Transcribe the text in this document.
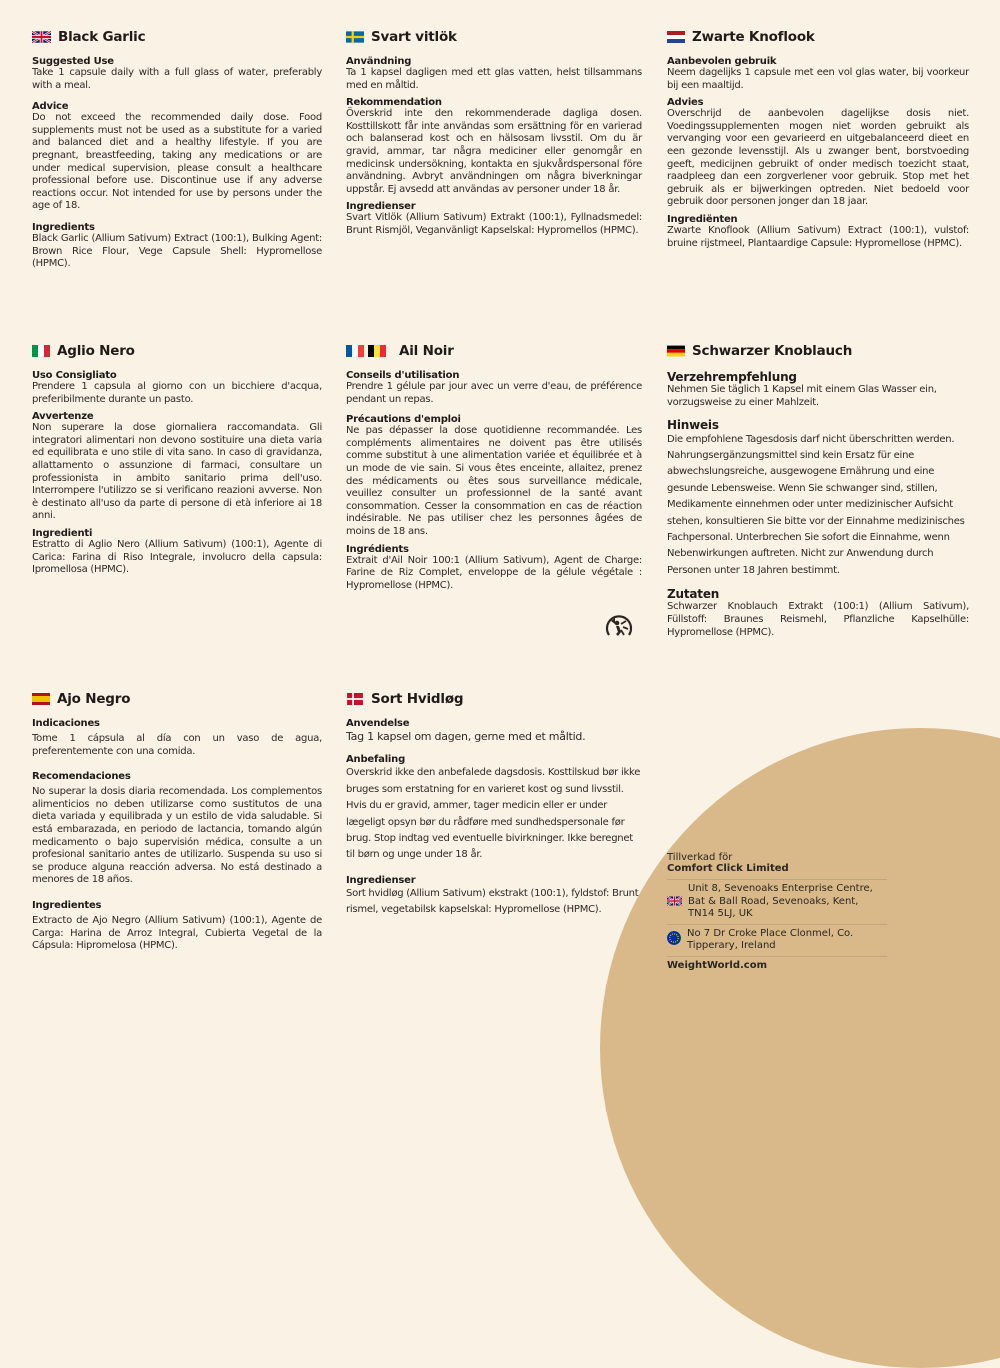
Black Garlic
Suggested Use

Take 1 capsule daily with a full glass of water, preferably with a meal.

Advice

Do not exceed the recommended daily dose. Food supplements must not be used as a substitute for a varied and balanced diet and a healthy lifestyle. If you are pregnant, breastfeeding, taking any medications or are under medical supervision, please consult a healthcare professional before use. Discontinue use if any adverse reactions occur. Not intended for use by persons under the age of 18.

Ingredients

Black Garlic (Allium Sativum) Extract (100:1), Bulking Agent: Brown Rice Flour, Vege Capsule Shell: Hypromellose (HPMC).

Svart vitlök
Användning

Ta 1 kapsel dagligen med ett glas vatten, helst tillsammans med en måltid.

Rekommendation

Överskrid inte den rekommenderade dagliga dosen. Kosttillskott får inte användas som ersättning för en varierad och balanserad kost och en hälsosam livsstil. Om du är gravid, ammar, tar några mediciner eller genomgår en medicinsk undersökning, kontakta en sjukvårdspersonal före användning. Avbryt användningen om några biverkningar uppstår. Ej avsedd att användas av personer under 18 år.

Ingredienser

Svart Vitlök (Allium Sativum) Extrakt (100:1), Fyllnadsmedel: Brunt Rismjöl, Veganvänligt Kapselskal: Hypromellos (HPMC).

Zwarte Knoflook
Aanbevolen gebruik

Neem dagelijks 1 capsule met een vol glas water, bij voorkeur bij een maaltijd.

Advies

Overschrijd de aanbevolen dagelijkse dosis niet. Voedingssupplementen mogen niet worden gebruikt als vervanging voor een gevarieerd en uitgebalanceerd dieet en een gezonde levensstijl. Als u zwanger bent, borstvoeding geeft, medicijnen gebruikt of onder medisch toezicht staat, raadpleeg dan een zorgverlener voor gebruik. Stop met het gebruik als er bijwerkingen optreden. Niet bedoeld voor gebruik door personen jonger dan 18 jaar.

Ingrediënten

Zwarte Knoflook (Allium Sativum) Extract (100:1), vulstof: bruine rijstmeel, Plantaardige Capsule: Hypromellose (HPMC).

Aglio Nero
Uso Consigliato

Prendere 1 capsula al giorno con un bicchiere d'acqua, preferibilmente durante un pasto.

Avvertenze

Non superare la dose giornaliera raccomandata. Gli integratori alimentari non devono sostituire una dieta varia ed equilibrata e uno stile di vita sano. In caso di gravidanza, allattamento o assunzione di farmaci, consultare un professionista in ambito sanitario prima dell'uso. Interrompere l'utilizzo se si verificano reazioni avverse. Non è destinato all'uso da parte di persone di età inferiore ai 18 anni.

Ingredienti

Estratto di Aglio Nero (Allium Sativum) (100:1), Agente di Carica: Farina di Riso Integrale, involucro della capsula: Ipromellosa (HPMC).

Ail Noir
Conseils d'utilisation

Prendre 1 gélule par jour avec un verre d'eau, de préférence pendant un repas.

Précautions d'emploi

Ne pas dépasser la dose quotidienne recommandée. Les compléments alimentaires ne doivent pas être utilisés comme substitut à une alimentation variée et équilibrée et à un mode de vie sain. Si vous êtes enceinte, allaitez, prenez des médicaments ou êtes sous surveillance médicale, veuillez consulter un professionnel de la santé avant consommation. Cesser la consommation en cas de réaction indésirable. Ne pas utiliser chez les personnes âgées de moins de 18 ans.

Ingrédients

Extrait d'Ail Noir 100:1 (Allium Sativum), Agent de Charge: Farine de Riz Complet, enveloppe de la gélule végétale : Hypromellose (HPMC).

Schwarzer Knoblauch
Verzehrempfehlung

Nehmen Sie täglich 1 Kapsel mit einem Glas Wasser ein, vorzugsweise zu einer Mahlzeit.

Hinweis

Die empfohlene Tagesdosis darf nicht überschritten werden. Nahrungsergänzungsmittel sind kein Ersatz für eine abwechslungsreiche, ausgewogene Ernährung und eine gesunde Lebensweise. Wenn Sie schwanger sind, stillen, Medikamente einnehmen oder unter medizinischer Aufsicht stehen, konsultieren Sie bitte vor der Einnahme medizinisches Fachpersonal. Unterbrechen Sie sofort die Einnahme, wenn Nebenwirkungen auftreten. Nicht zur Anwendung durch Personen unter 18 Jahren bestimmt.

Zutaten

Schwarzer Knoblauch Extrakt (100:1) (Allium Sativum), Füllstoff: Braunes Reismehl, Pflanzliche Kapselhülle: Hypromellose (HPMC).

Ajo Negro
Indicaciones

Tome 1 cápsula al día con un vaso de agua, preferentemente con una comida.

Recomendaciones

No superar la dosis diaria recomendada. Los complementos alimenticios no deben utilizarse como sustitutos de una dieta variada y equilibrada y un estilo de vida saludable. Si está embarazada, en periodo de lactancia, tomando algún medicamento o bajo supervisión médica, consulte a un profesional sanitario antes de utilizarlo. Suspenda su uso si se produce alguna reacción adversa. No está destinado a menores de 18 años.

Ingredientes

Extracto de Ajo Negro (Allium Sativum) (100:1), Agente de Carga: Harina de Arroz Integral, Cubierta Vegetal de la Cápsula: Hipromelosa (HPMC).

Sort Hvidløg
Anvendelse

Tag 1 kapsel om dagen, gerne med et måltid.

Anbefaling

Overskrid ikke den anbefalede dagsdosis. Kosttilskud bør ikke bruges som erstatning for en varieret kost og sund livsstil. Hvis du er gravid, ammer, tager medicin eller er under lægeligt opsyn bør du rådføre med sundhedspersonale før brug. Stop indtag ved eventuelle bivirkninger. Ikke beregnet til børn og unge under 18 år.

Ingredienser

Sort hvidløg (Allium Sativum) ekstrakt (100:1), fyldstof: Brunt rismel, vegetabilsk kapselskal: Hypromellose (HPMC).

Tillverkad för
Comfort Click Limited
Unit 8, Sevenoaks Enterprise Centre, Bat & Ball Road, Sevenoaks, Kent, TN14 5LJ, UK
No 7 Dr Croke Place Clonmel, Co. Tipperary, Ireland
WeightWorld.com
